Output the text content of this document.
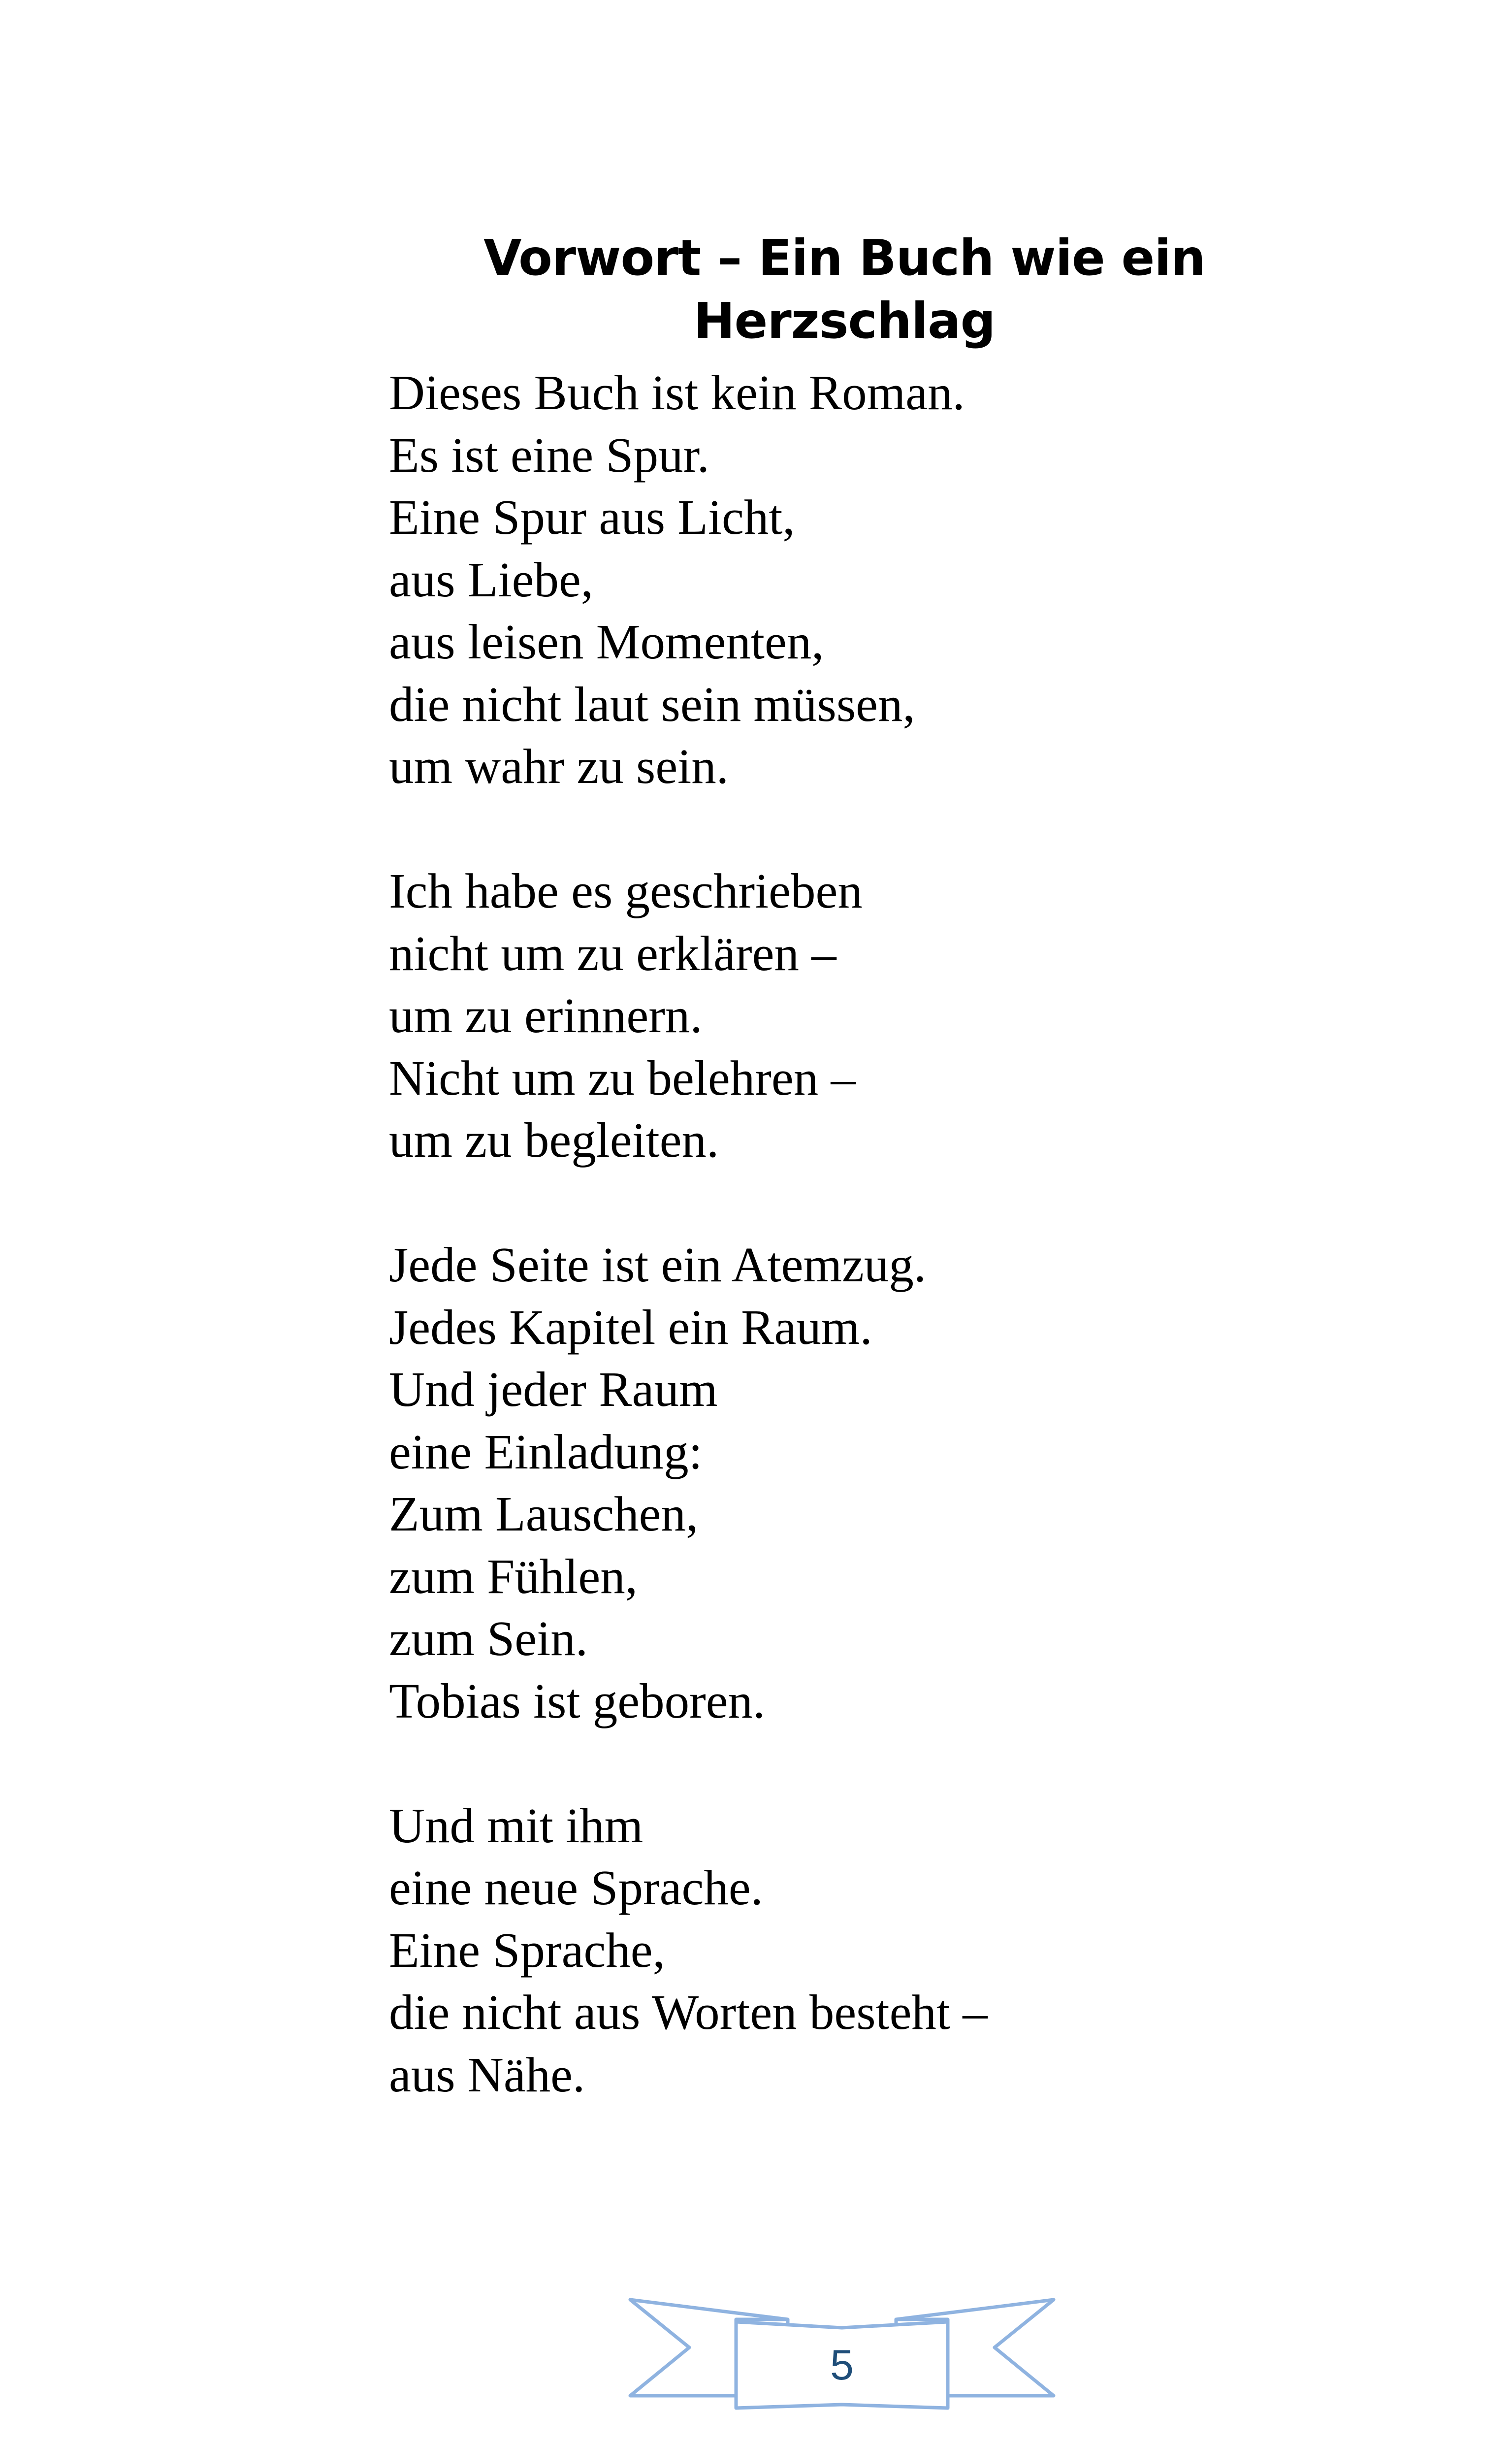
Vorwort – Ein Buch wie ein
Herzschlag
Dieses Buch ist kein Roman.
Es ist eine Spur.
Eine Spur aus Licht,
aus Liebe,
aus leisen Momenten,
die nicht laut sein müssen,
um wahr zu sein.
Ich habe es geschrieben
nicht um zu erklären –
um zu erinnern.
Nicht um zu belehren –
um zu begleiten.
Jede Seite ist ein Atemzug.
Jedes Kapitel ein Raum.
Und jeder Raum
eine Einladung:
Zum Lauschen,
zum Fühlen,
zum Sein.
Tobias ist geboren.
Und mit ihm
eine neue Sprache.
Eine Sprache,
die nicht aus Worten besteht –
aus Nähe.
5
